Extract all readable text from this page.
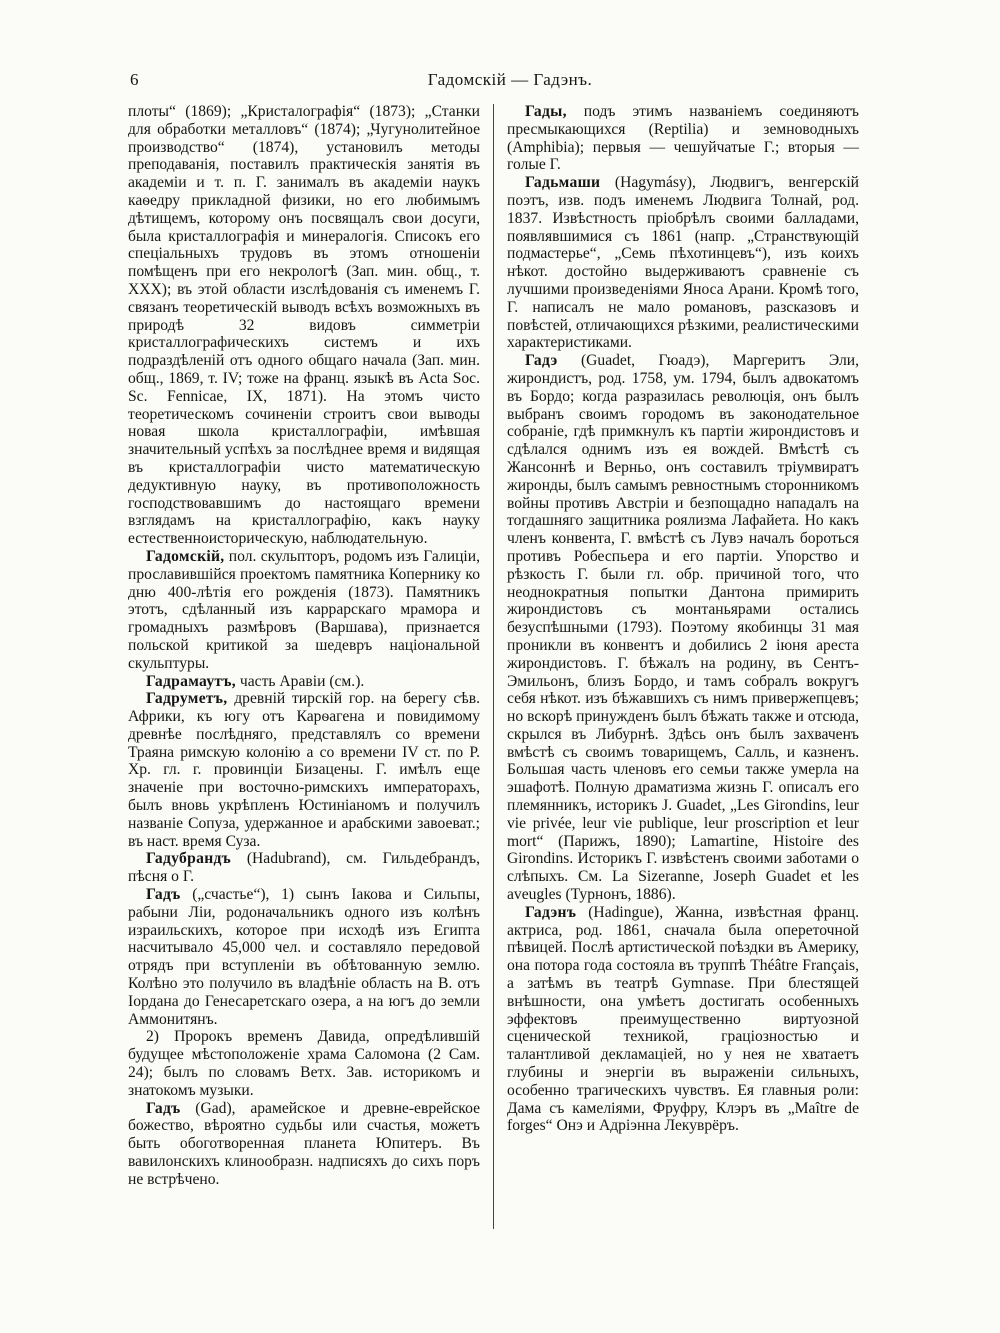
6	Гадомскій — Гадэнъ.

плоты“ (1869); „Кристалографія“ (1873); „Станки для обработки металловъ“ (1874); „Чугунолитейное производство“ (1874), установилъ методы преподаванія, поставилъ практическія занятія въ академіи и т. п. Г. занималъ въ академіи наукъ каѳедру прикладной физики, но его любимымъ дѣтищемъ, которому онъ посвящалъ свои досуги, была кристаллографія и минералогія. Списокъ его спеціальныхъ трудовъ въ этомъ отношеніи помѣщенъ при его некрологѣ (Зап. мин. общ., т. XXX); въ этой области изслѣдованія съ именемъ Г. связанъ теоретическій выводъ всѣхъ возможныхъ въ природѣ 32 видовъ симметріи кристаллографическихъ системъ и ихъ подраздѣленій отъ одного общаго начала (Зап. мин. общ., 1869, т. IV; тоже на франц. языкѣ въ Acta Soc. Sc. Fennicae, IX, 1871). На этомъ чисто теоретическомъ сочиненіи строитъ свои выводы новая школа кристаллографіи, имѣвшая значительный успѣхъ за послѣднее время и видящая въ кристаллографіи чисто математическую дедуктивную науку, въ противоположность господствовавшимъ до настоящаго времени взглядамъ на кристаллографію, какъ науку естественноисторическую, наблюдательную.

Гадомскій, пол. скульпторъ, родомъ изъ Галиціи, прославившійся проектомъ памятника Копернику ко дню 400-лѣтія его рожденія (1873). Памятникъ этотъ, сдѣланный изъ каррарскаго мрамора и громадныхъ размѣровъ (Варшава), признается польской критикой за шедевръ національной скульптуры.

Гадрамаутъ, часть Аравіи (см.).

Гадруметъ, древній тирскій гор. на берегу сѣв. Африки, къ югу отъ Карѳагена и повидимому древнѣе послѣдняго, представлялъ со времени Траяна римскую колонію а со времени IV ст. по Р. Хр. гл. г. провинціи Бизацены. Г. имѣлъ еще значеніе при восточно-римскихъ императорахъ, былъ вновь укрѣпленъ Юстиніаномъ и получилъ названіе Сопуза, удержанное и арабскими завоеват.; въ наст. время Суза.

Гадубрандъ (Hadubrand), см. Гильдебрандъ, пѣсня о Г.

Гадъ („счастье“), 1) сынъ Іакова и Сильпы, рабыни Ліи, родоначальникъ одного изъ колѣнъ израильскихъ, которое при исходѣ изъ Египта насчитывало 45,000 чел. и составляло передовой отрядъ при вступленіи въ обѣтованную землю. Колѣно это получило въ владѣніе область на В. отъ Іордана до Генесаретскаго озера, а на югъ до земли Аммонитянъ.

2) Пророкъ временъ Давида, опредѣлившій будущее мѣстоположеніе храма Саломона (2 Сам. 24); былъ по словамъ Ветх. Зав. историкомъ и знатокомъ музыки.

Гадъ (Gad), арамейское и древне-еврейское божество, вѣроятно судьбы или счастья, можетъ быть обоготворенная планета Юпитеръ. Въ вавилонскихъ клинообразн. надписяхъ до сихъ поръ не встрѣчено.

Гады, подъ этимъ названіемъ соединяютъ пресмыкающихся (Reptilia) и земноводныхъ (Amphibia); первыя — чешуйчатые Г.; вторыя — голые Г.

Гадьмаши (Hagymásy), Людвигъ, венгерскій поэтъ, изв. подъ именемъ Людвига Толнай, род. 1837. Извѣстность пріобрѣлъ своими балладами, появлявшимися съ 1861 (напр. „Странствующій подмастерье“, „Семь пѣхотинцевъ“), изъ коихъ нѣкот. достойно выдерживаютъ сравненіе съ лучшими произведеніями Яноса Арани. Кромѣ того, Г. написалъ не мало романовъ, разсказовъ и повѣстей, отличающихся рѣзкими, реалистическими характеристиками.

Гадэ (Guadet, Гюадэ), Маргеритъ Эли, жирондистъ, род. 1758, ум. 1794, былъ адвокатомъ въ Бордо; когда разразилась революція, онъ былъ выбранъ своимъ городомъ въ законодательное собраніе, гдѣ примкнулъ къ партіи жирондистовъ и сдѣлался однимъ изъ ея вождей. Вмѣстѣ съ Жансоннѣ и Верньо, онъ составилъ тріумвиратъ жиронды, былъ самымъ ревностнымъ сторонникомъ войны противъ Австріи и безпощадно нападалъ на тогдашняго защитника роялизма Лафайета. Но какъ членъ конвента, Г. вмѣстѣ съ Лувэ началъ бороться противъ Робеспьера и его партіи. Упорство и рѣзкость Г. были гл. обр. причиной того, что неоднократныя попытки Дантона примирить жирондистовъ съ монтаньярами остались безуспѣшными (1793). Поэтому якобинцы 31 мая проникли въ конвентъ и добились 2 іюня ареста жирондистовъ. Г. бѣжалъ на родину, въ Сентъ-Эмильонъ, близъ Бордо, и тамъ собралъ вокругъ себя нѣкот. изъ бѣжавшихъ съ нимъ привержепцевъ; но вскорѣ принужденъ былъ бѣжать также и отсюда, скрылся въ Либурнѣ. Здѣсь онъ былъ захваченъ вмѣстѣ съ своимъ товарищемъ, Салль, и казненъ. Большая часть членовъ его семьи также умерла на эшафотѣ. Полную драматизма жизнь Г. описалъ его племянникъ, историкъ J. Guadet, „Les Girondins, leur vie privée, leur vie publique, leur proscription et leur mort“ (Парижъ, 1890); Lamartine, Histoire des Girondins. Историкъ Г. извѣстенъ своими заботами о слѣпыхъ. См. La Sizeranne, Joseph Guadet et les aveugles (Турнонъ, 1886).

Гадэнъ (Hadingue), Жанна, извѣстная франц. актриса, род. 1861, сначала была опереточной пѣвицей. Послѣ артистической поѣздки въ Америку, она потора года состояла въ труппѣ Théâtre Français, а затѣмъ въ театрѣ Gymnase. При блестящей внѣшности, она умѣетъ достигать особенныхъ эффектовъ преимущественно виртуозной сценической техникой, граціозностью и талантливой декламаціей, но у нея не хватаетъ глубины и энергіи въ выраженіи сильныхъ, особенно трагическихъ чувствъ. Ея главныя роли: Дама съ камеліями, Фруфру, Клэръ въ „Maître de forges“ Онэ и Адріэнна Лекуврёръ.
